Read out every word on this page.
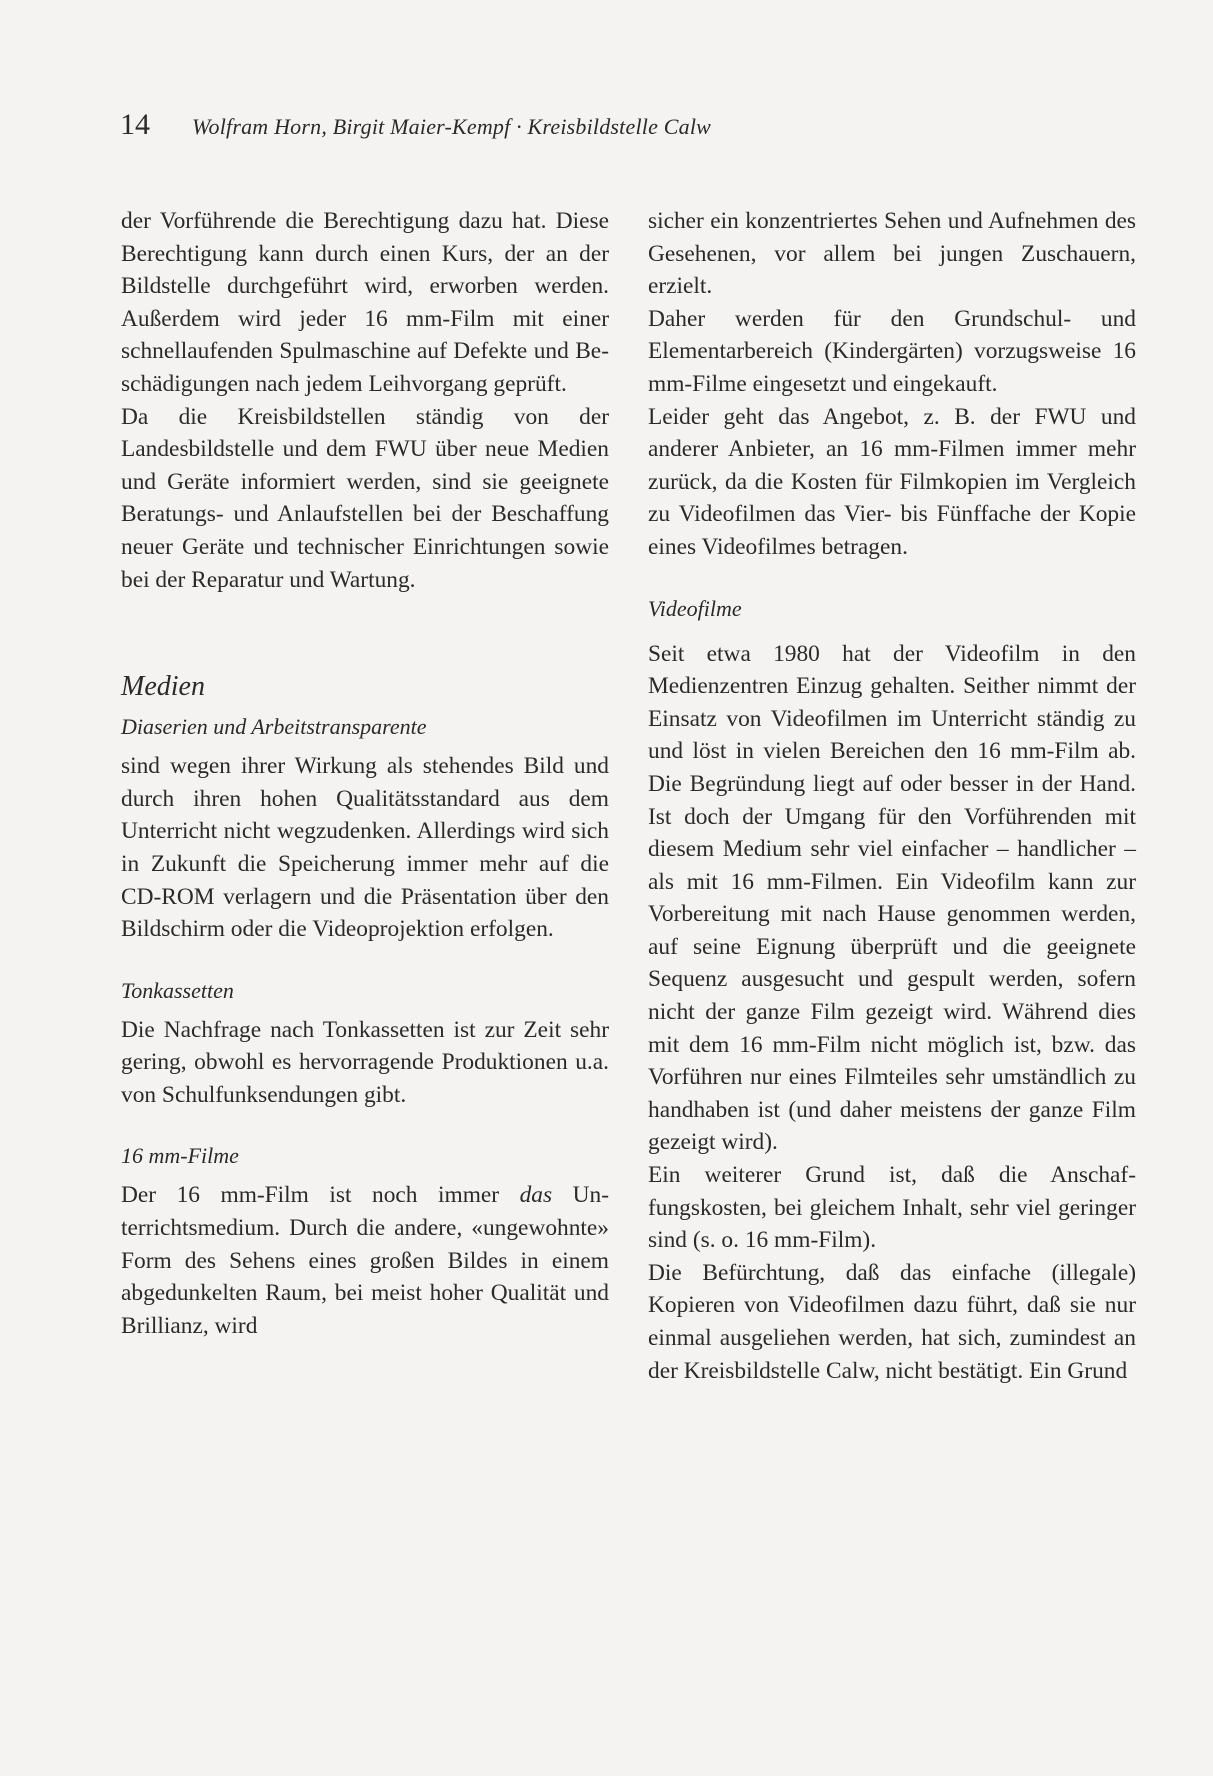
14 Wolfram Horn, Birgit Maier-Kempf · Kreisbildstelle Calw

der Vorführende die Berechtigung dazu hat. Diese Berechtigung kann durch einen Kurs, der an der Bildstelle durchgeführt wird, erworben werden. Außerdem wird jeder 16 mm-Film mit einer schnellaufenden Spulmaschine auf Defekte und Beschädigungen nach jedem Leihvorgang geprüft.

Da die Kreisbildstellen ständig von der Landesbildstelle und dem FWU über neue Medien und Geräte informiert werden, sind sie geeignete Beratungs- und Anlaufstellen bei der Beschaffung neuer Geräte und technischer Einrichtungen sowie bei der Reparatur und Wartung.

Medien
Diaserien und Arbeitstransparente

sind wegen ihrer Wirkung als stehendes Bild und durch ihren hohen Qualitätsstandard aus dem Unterricht nicht wegzudenken. Allerdings wird sich in Zukunft die Speicherung immer mehr auf die CD-ROM verlagern und die Präsentation über den Bildschirm oder die Videoprojektion erfolgen.

Tonkassetten

Die Nachfrage nach Tonkassetten ist zur Zeit sehr gering, obwohl es hervorragende Produktionen u.a. von Schulfunksendungen gibt.

16 mm-Filme

Der 16 mm-Film ist noch immer das Unterrichtsmedium. Durch die andere, «ungewohnte» Form des Sehens eines großen Bildes in einem abgedunkelten Raum, bei meist hoher Qualität und Brillianz, wird

sicher ein konzentriertes Sehen und Aufnehmen des Gesehenen, vor allem bei jungen Zuschauern, erzielt.

Daher werden für den Grundschul- und Elementarbereich (Kindergärten) vorzugsweise 16 mm-Filme eingesetzt und eingekauft.

Leider geht das Angebot, z. B. der FWU und anderer Anbieter, an 16 mm-Filmen immer mehr zurück, da die Kosten für Filmkopien im Vergleich zu Videofilmen das Vier- bis Fünffache der Kopie eines Videofilmes betragen.

Videofilme

Seit etwa 1980 hat der Videofilm in den Medienzentren Einzug gehalten. Seither nimmt der Einsatz von Videofilmen im Unterricht ständig zu und löst in vielen Bereichen den 16 mm-Film ab. Die Begründung liegt auf oder besser in der Hand. Ist doch der Umgang für den Vorführenden mit diesem Medium sehr viel einfacher – handlicher – als mit 16 mm-Filmen. Ein Videofilm kann zur Vorbereitung mit nach Hause genommen werden, auf seine Eignung überprüft und die geeignete Sequenz ausgesucht und gespult werden, sofern nicht der ganze Film gezeigt wird. Während dies mit dem 16 mm-Film nicht möglich ist, bzw. das Vorführen nur eines Filmteiles sehr umständlich zu handhaben ist (und daher meistens der ganze Film gezeigt wird).

Ein weiterer Grund ist, daß die Anschaffungskosten, bei gleichem Inhalt, sehr viel geringer sind (s. o. 16 mm-Film).

Die Befürchtung, daß das einfache (illegale) Kopieren von Videofilmen dazu führt, daß sie nur einmal ausgeliehen werden, hat sich, zumindest an der Kreisbildstelle Calw, nicht bestätigt. Ein Grund
